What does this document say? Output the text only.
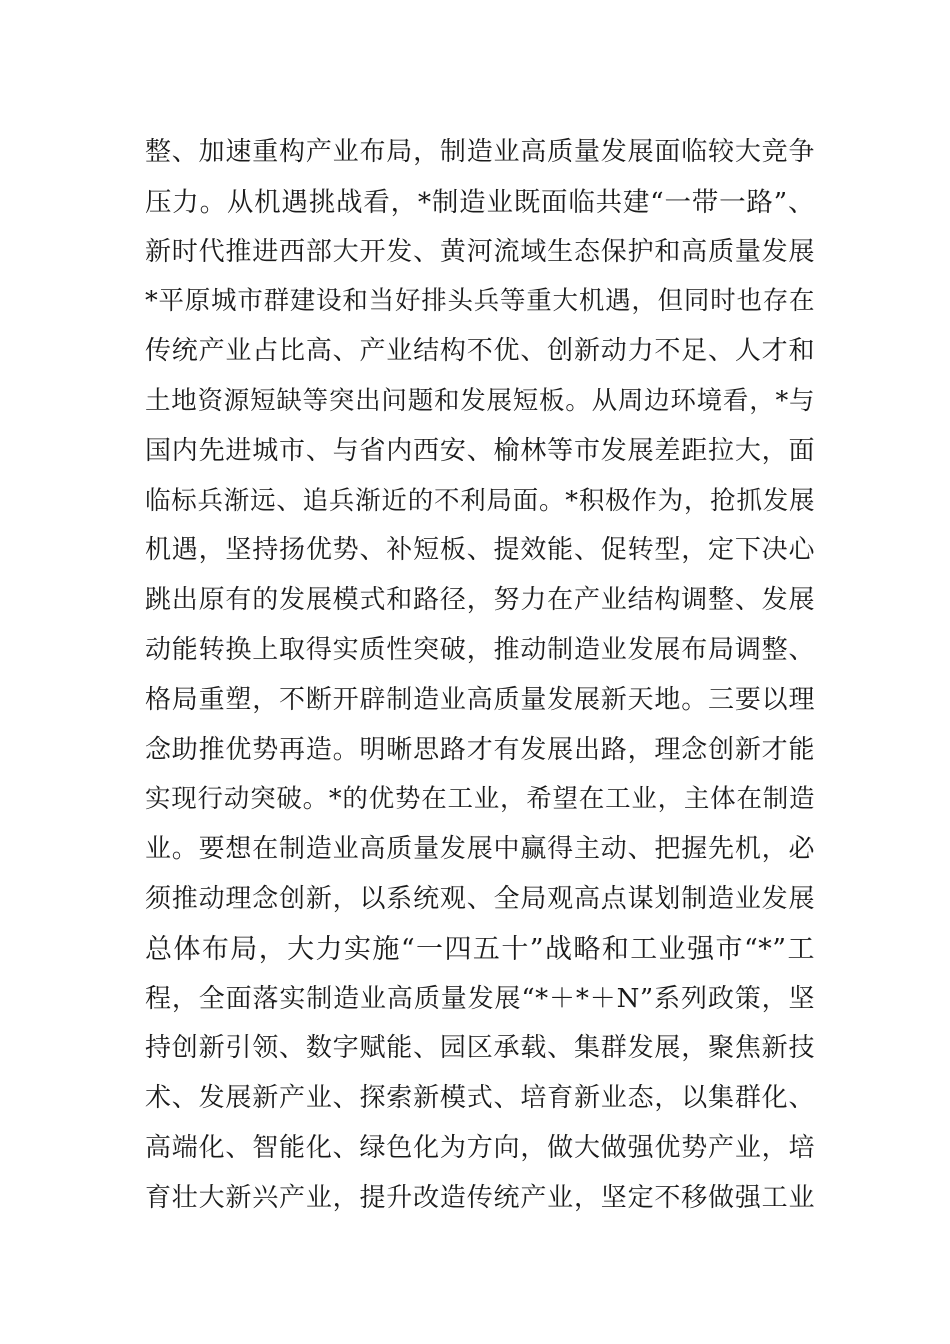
整、加速重构产业布局，制造业高质量发展面临较大竞争
压力。从机遇挑战看，*制造业既面临共建“一带一路”、
新时代推进西部大开发、黄河流域生态保护和高质量发展
*平原城市群建设和当好排头兵等重大机遇，但同时也存在
传统产业占比高、产业结构不优、创新动力不足、人才和
土地资源短缺等突出问题和发展短板。从周边环境看，*与
国内先进城市、与省内西安、榆林等市发展差距拉大，面
临标兵渐远、追兵渐近的不利局面。*积极作为，抢抓发展
机遇，坚持扬优势、补短板、提效能、促转型，定下决心
跳出原有的发展模式和路径，努力在产业结构调整、发展
动能转换上取得实质性突破，推动制造业发展布局调整、
格局重塑，不断开辟制造业高质量发展新天地。三要以理
念助推优势再造。明晰思路才有发展出路，理念创新才能
实现行动突破。*的优势在工业，希望在工业，主体在制造
业。要想在制造业高质量发展中赢得主动、把握先机，必
须推动理念创新，以系统观、全局观高点谋划制造业发展
总体布局，大力实施“一四五十”战略和工业强市“*”工
程，全面落实制造业高质量发展“*＋*＋N”系列政策，坚
持创新引领、数字赋能、园区承载、集群发展，聚焦新技
术、发展新产业、探索新模式、培育新业态，以集群化、
高端化、智能化、绿色化为方向，做大做强优势产业，培
育壮大新兴产业，提升改造传统产业，坚定不移做强工业
